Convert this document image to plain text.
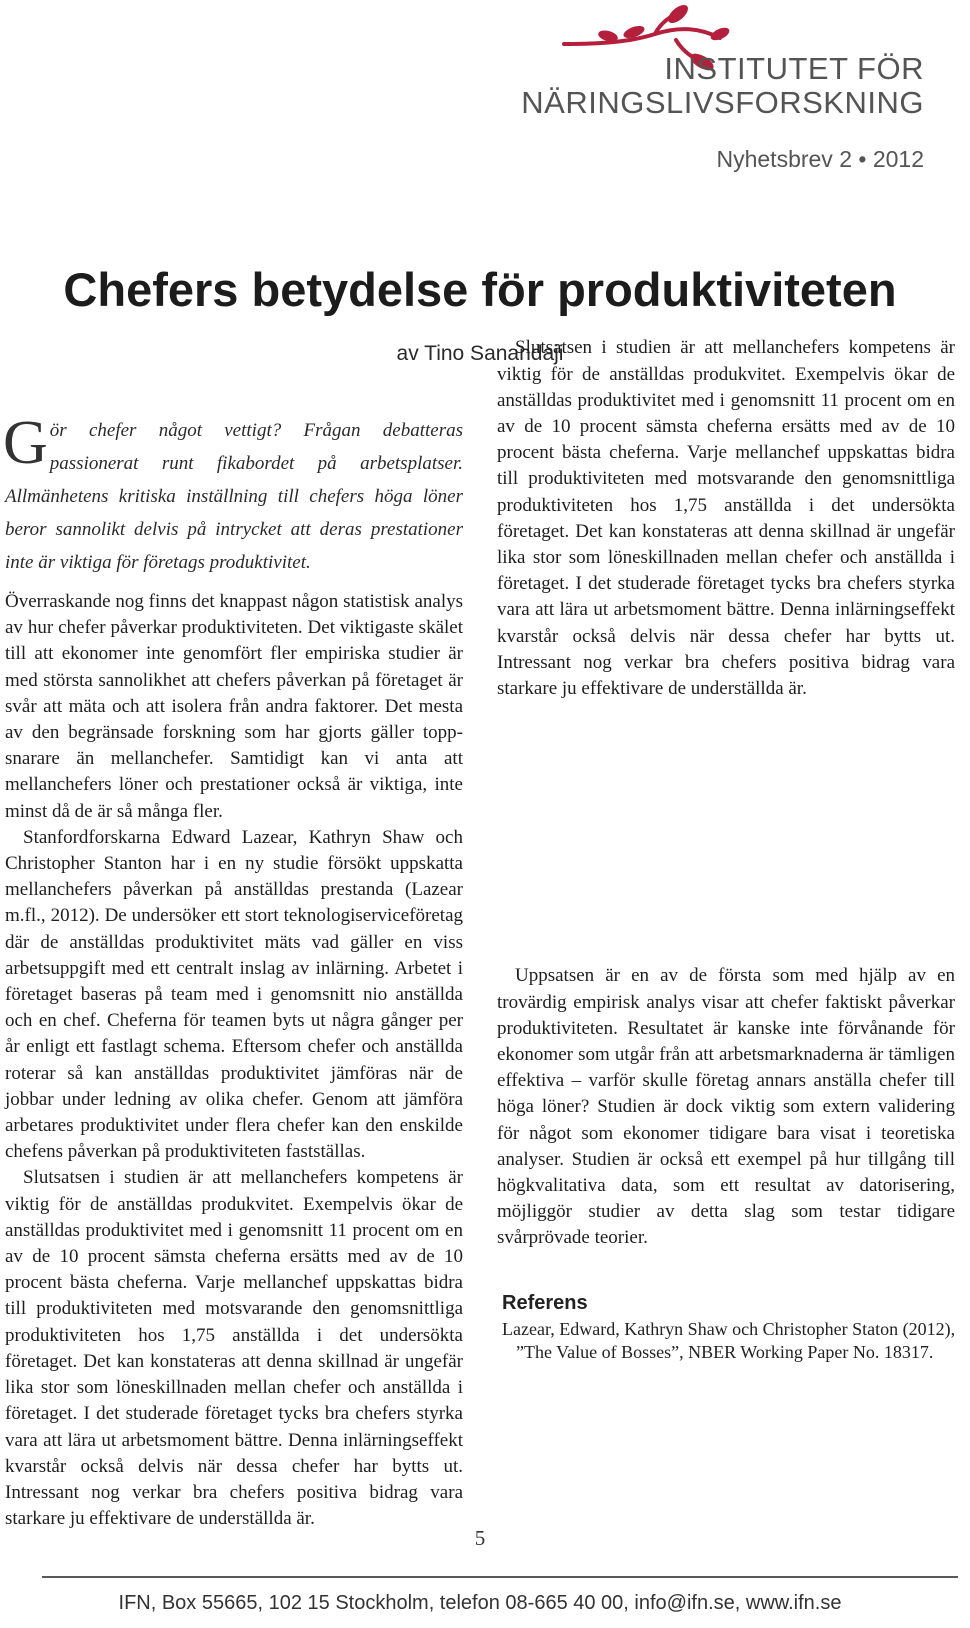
INSTITUTET FÖR
NÄRINGSLIVSFORSKNING
Nyhetsbrev 2 • 2012
Chefers betydelse för produktiviteten
av Tino Sanandaji

Gör chefer något vettigt? Frågan debatteras passionerat runt fikabordet på arbetsplatser. Allmänhetens kritiska inställning till chefers höga löner beror sannolikt delvis på intrycket att deras prestationer inte är viktiga för företags produktivitet.

Överraskande nog finns det knappast någon statistisk analys av hur chefer påverkar produktiviteten. Det viktigaste skälet till att ekonomer inte genomfört fler empiriska studier är med största sannolikhet att chefers påverkan på företaget är svår att mäta och att isolera från andra faktorer. Det mesta av den begränsade forskning som har gjorts gäller topp- snarare än mellanchefer. Samtidigt kan vi anta att mellanchefers löner och prestationer också är viktiga, inte minst då de är så många fler.

Stanfordforskarna Edward Lazear, Kathryn Shaw och Christopher Stanton har i en ny studie försökt uppskatta mellanchefers påverkan på anställdas prestanda (Lazear m.fl., 2012). De undersöker ett stort teknologiserviceföretag där de anställdas produktivitet mäts vad gäller en viss arbetsuppgift med ett centralt inslag av inlärning. Arbetet i företaget baseras på team med i genomsnitt nio anställda och en chef. Cheferna för teamen byts ut några gånger per år enligt ett fastlagt schema. Eftersom chefer och anställda roterar så kan anställdas produktivitet jämföras när de jobbar under ledning av olika chefer. Genom att jämföra arbetares produktivitet under flera chefer kan den enskilde chefens påverkan på produktiviteten fastställas.

Slutsatsen i studien är att mellanchefers kompetens är viktig för de anställdas produkvitet. Exempelvis ökar de anställdas produktivitet med i genomsnitt 11 procent om en av de 10 procent sämsta cheferna ersätts med av de 10 procent bästa cheferna. Varje mellanchef uppskattas bidra till produktiviteten med motsvarande den genomsnittliga produktiviteten hos 1,75 anställda i det undersökta företaget. Det kan konstateras att denna skillnad är ungefär lika stor som löneskillnaden mellan chefer och anställda i företaget. I det studerade företaget tycks bra chefers styrka vara att lära ut arbetsmoment bättre. Denna inlärningseffekt kvarstår också delvis när dessa chefer har bytts ut. Intressant nog verkar bra chefers positiva bidrag vara starkare ju effektivare de underställda är.

Slutsatsen i studien är att mellanchefers kompetens är viktig för de anställdas produkvitet. Exempelvis ökar de anställdas produktivitet med i genomsnitt 11 procent om en av de 10 procent sämsta cheferna ersätts med av de 10 procent bästa cheferna. Varje mellanchef uppskattas bidra till produktiviteten med motsvarande den genomsnittliga produktiviteten hos 1,75 anställda i det undersökta företaget. Det kan konstateras att denna skillnad är ungefär lika stor som löneskillnaden mellan chefer och anställda i företaget. I det studerade företaget tycks bra chefers styrka vara att lära ut arbetsmoment bättre. Denna inlärningseffekt kvarstår också delvis när dessa chefer har bytts ut. Intressant nog verkar bra chefers positiva bidrag vara starkare ju effektivare de underställda är.

Uppsatsen är en av de första som med hjälp av en trovärdig empirisk analys visar att chefer faktiskt påverkar produktiviteten. Resultatet är kanske inte förvånande för ekonomer som utgår från att arbetsmarknaderna är tämligen effektiva – varför skulle företag annars anställa chefer till höga löner? Studien är dock viktig som extern validering för något som ekonomer tidigare bara visat i teoretiska analyser. Studien är också ett exempel på hur tillgång till högkvalitativa data, som ett resultat av datorisering, möjliggör studier av detta slag som testar tidigare svårprövade teorier.

Referens
Lazear, Edward, Kathryn Shaw och Christopher Staton (2012), ”The Value of Bosses”, NBER Working Paper No. 18317.
5
IFN, Box 55665, 102 15 Stockholm, telefon 08-665 40 00, info@ifn.se, www.ifn.se
